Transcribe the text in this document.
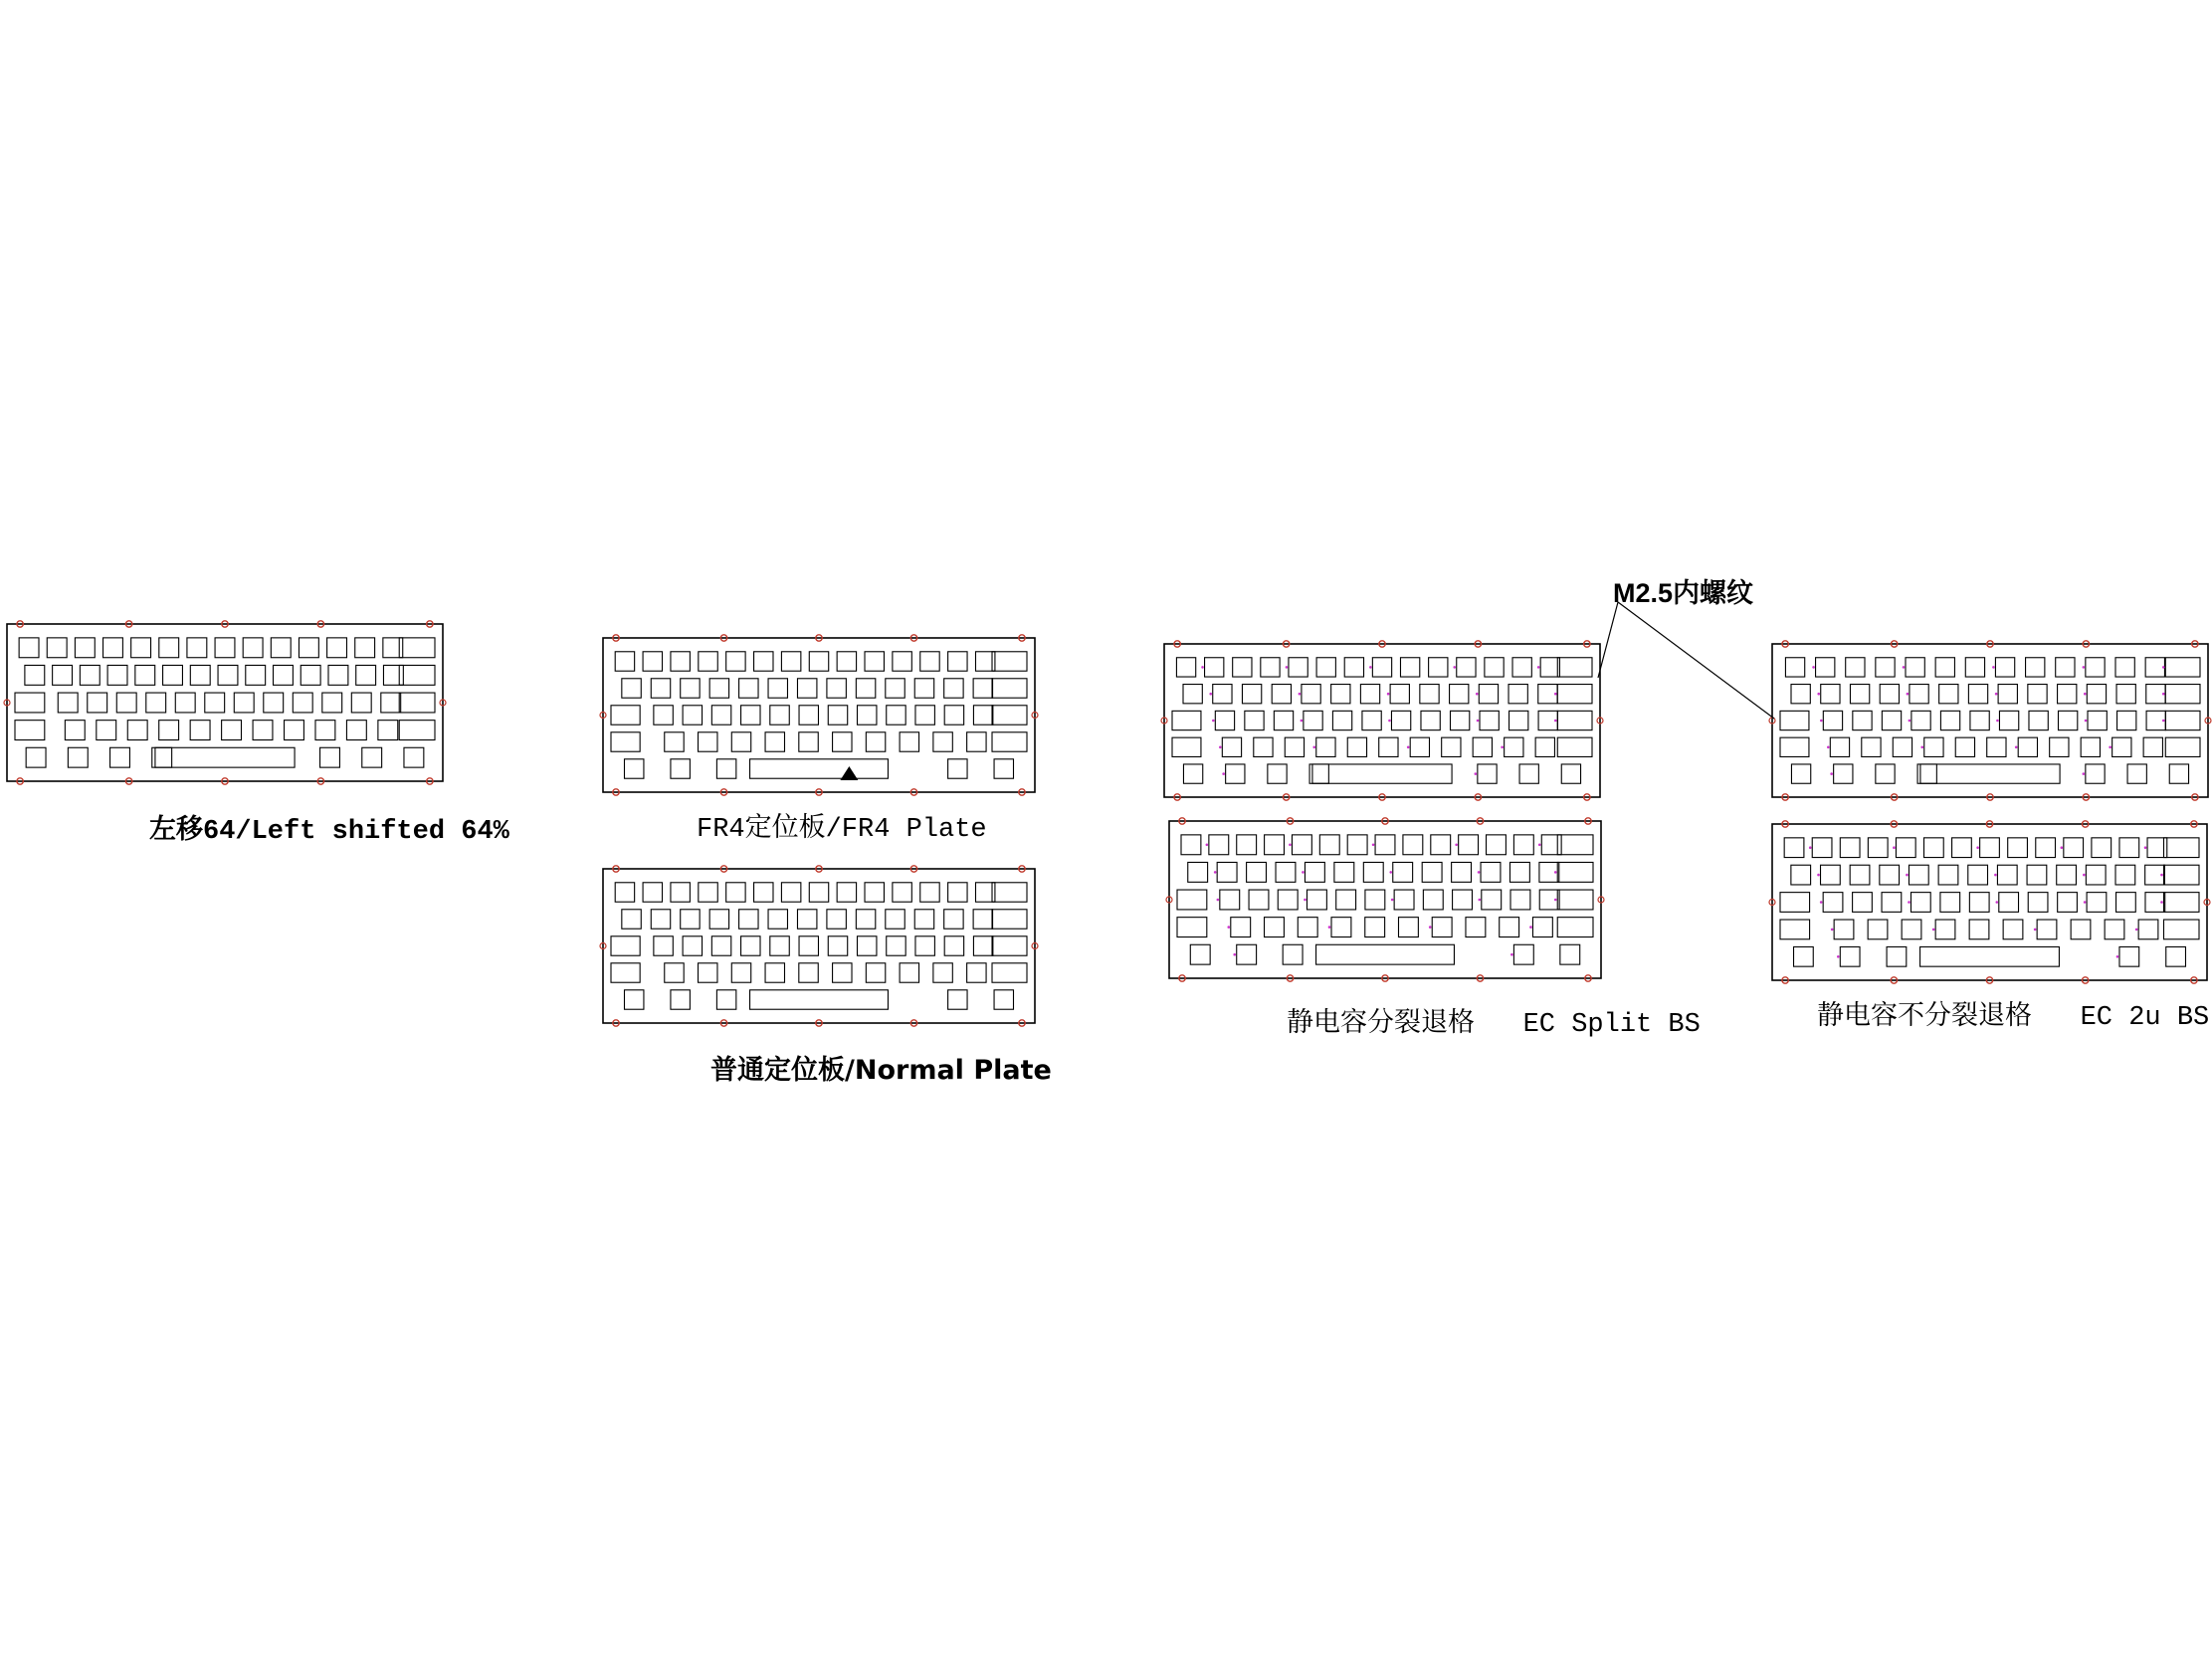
左移64/Left shifted 64%	FR4定位板/FR4 Plate
普通定位板/Normal Plate
静电容分裂退格   EC Split BS	静电容不分裂退格   EC 2u BS
M2.5内螺纹
